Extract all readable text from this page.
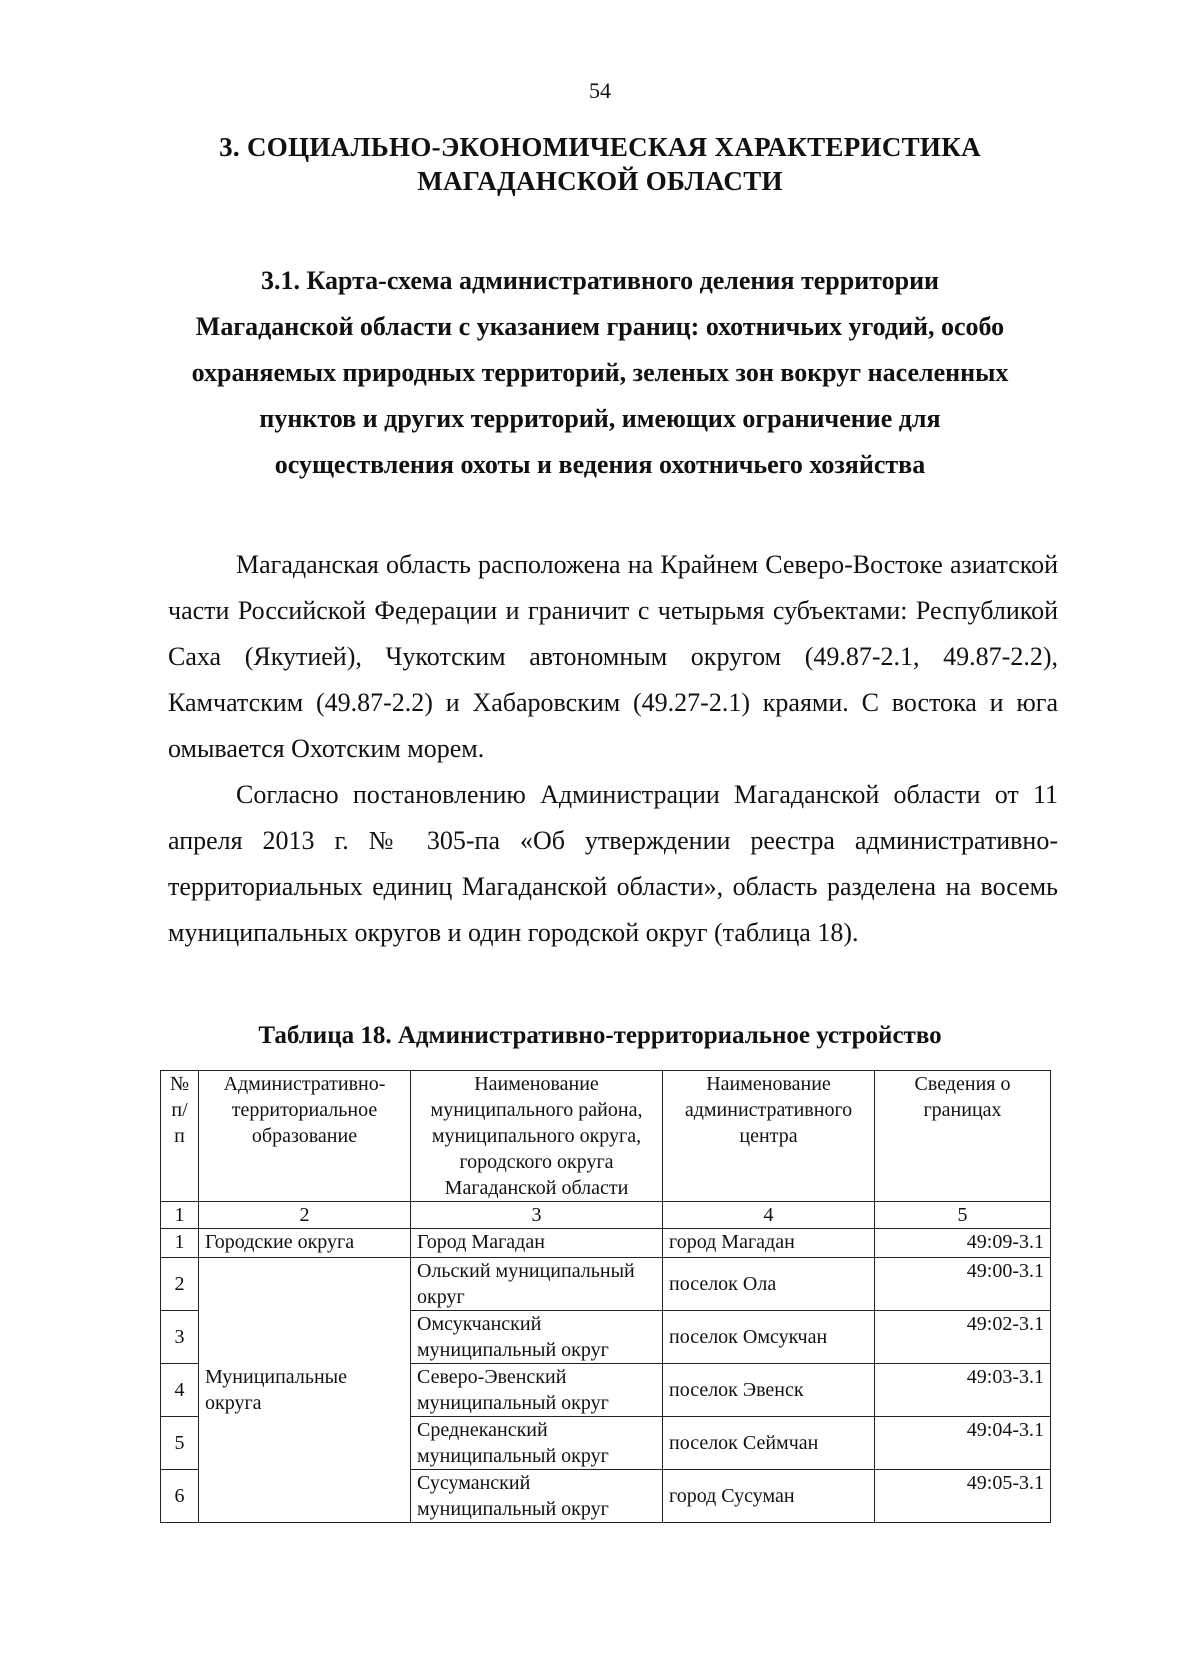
54
3. СОЦИАЛЬНО-ЭКОНОМИЧЕСКАЯ ХАРАКТЕРИСТИКА
МАГАДАНСКОЙ ОБЛАСТИ
3.1. Карта-схема административного деления территории
Магаданской области с указанием границ: охотничьих угодий, особо
охраняемых природных территорий, зеленых зон вокруг населенных
пунктов и других территорий, имеющих ограничение для
осуществления охоты и ведения охотничьего хозяйства

Магаданская область расположена на Крайнем Северо-Востоке азиатской части Российской Федерации и граничит с четырьмя субъектами: Республикой Саха (Якутией), Чукотским автономным округом (49.87-2.1, 49.87-2.2), Камчатским (49.87-2.2) и Хабаровским (49.27-2.1) краями. С востока и юга омывается Охотским морем.

Согласно постановлению Администрации Магаданской области от 11 апреля 2013 г. № 305-па «Об утверждении реестра административно-территориальных единиц Магаданской области», область разделена на восемь муниципальных округов и один городской округ (таблица 18).

Таблица 18. Административно-территориальное устройство
№ п/п	Административно-территориальное образование	Наименование муниципального района, муниципального округа, городского округа Магаданской области	Наименование административного центра	Сведения о границах
1	2	3	4	5
1	Городские округа	Город Магадан	город Магадан	49:09-3.1
2	Муниципальные округа	Ольский муниципальный округ	поселок Ола	49:00-3.1
3		Омсукчанский муниципальный округ	поселок Омсукчан	49:02-3.1
4		Северо-Эвенский муниципальный округ	поселок Эвенск	49:03-3.1
5		Среднеканский муниципальный округ	поселок Сеймчан	49:04-3.1
6		Сусуманский муниципальный округ	город Сусуман	49:05-3.1
